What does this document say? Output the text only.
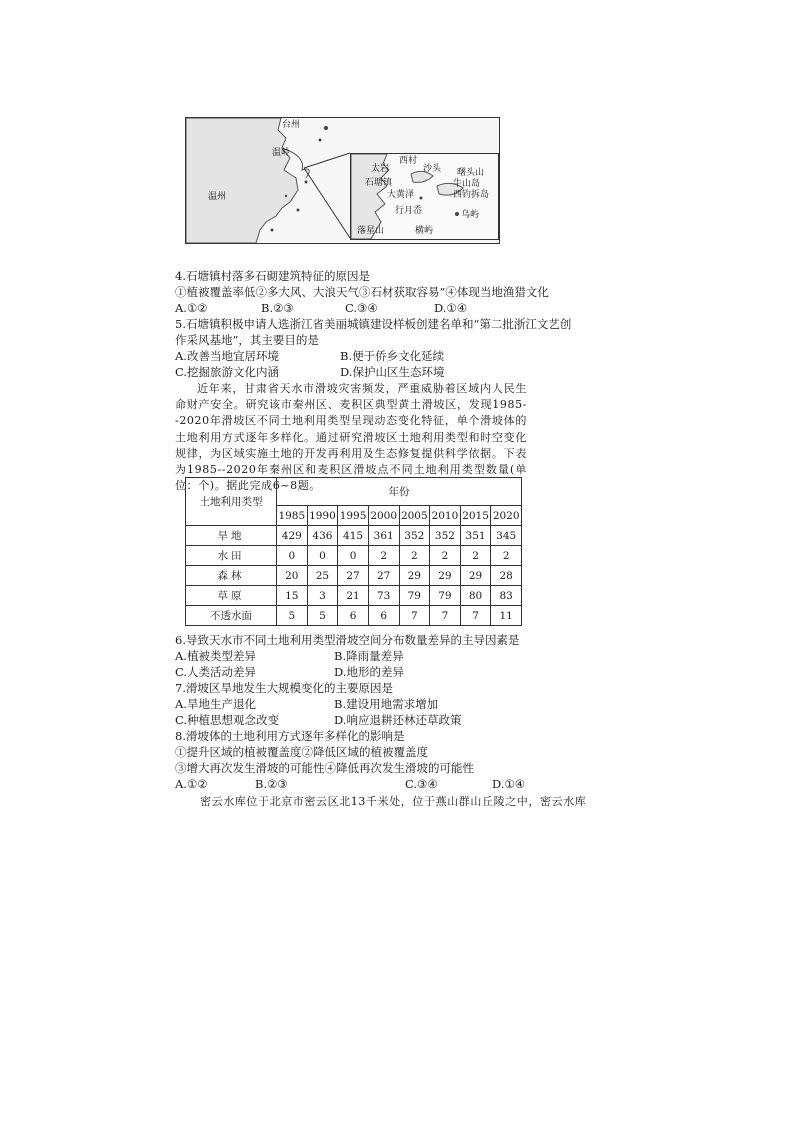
台州
温岭
温州
西村
沙头
太岩
石塘镇
大黄泽
曙头山
牛山岛
西钓拆岛
行月岙	乌屿
落星山	横屿
4.石塘镇村落多石砌建筑特征的原因是
①植被覆盖率低②多大风、大浪天气③石材获取容易”④体现当地渔猎文化
A.①②	B.②③	C.③④	D.①④
5.石塘镇积极申请人选浙江省美丽城镇建设样板创建名单和“第二批浙江文艺创
作采风基地”，其主要目的是
A.改善当地宜居环境	B.便于侨乡文化延续
C.挖掘旅游文化内涵	D.保护山区生态环境

近年来，甘肃省天水市滑坡灾害频发，严重威胁着区域内人民生命财产安全。研究该市秦州区、麦积区典型黄土滑坡区，发现1985--2020年滑坡区不同土地利用类型呈现动态变化特征，单个滑坡体的土地利用方式逐年多样化。通过研究滑坡区土地利用类型和时空变化规律，为区域实施土地的开发再利用及生态修复提供科学依据。下表为1985--2020年秦州区和麦积区滑坡点不同土地利用类型数量(单位：个)。据此完成6~8题。

土地利用类型	年份							
	1985	1990	1995	2000	2005	2010	2015	2020
旱地	429	436	415	361	352	352	351	345
水田	0	0	0	2	2	2	2	2
森林	20	25	27	27	29	29	29	28
草原	15	3	21	73	79	79	80	83
不透水面	5	5	6	6	7	7	7	11
6.导致天水市不同土地利用类型滑坡空间分布数量差异的主导因素是
A.植被类型差异	B.降雨量差异
C.人类活动差异	D.地形的差异
7.滑坡区旱地发生大规模变化的主要原因是
A.旱地生产退化	B.建设用地需求增加
C.种植思想观念改变	D.响应退耕还林还草政策
8.滑坡体的土地利用方式逐年多样化的影响是
①提升区域的植被覆盖度②降低区域的植被覆盖度
③增大再次发生滑坡的可能性④降低再次发生滑坡的可能性
A.①②	B.②③	C.③④	D.①④
密云水库位于北京市密云区北13千米处，位于燕山群山丘陵之中，密云水库
